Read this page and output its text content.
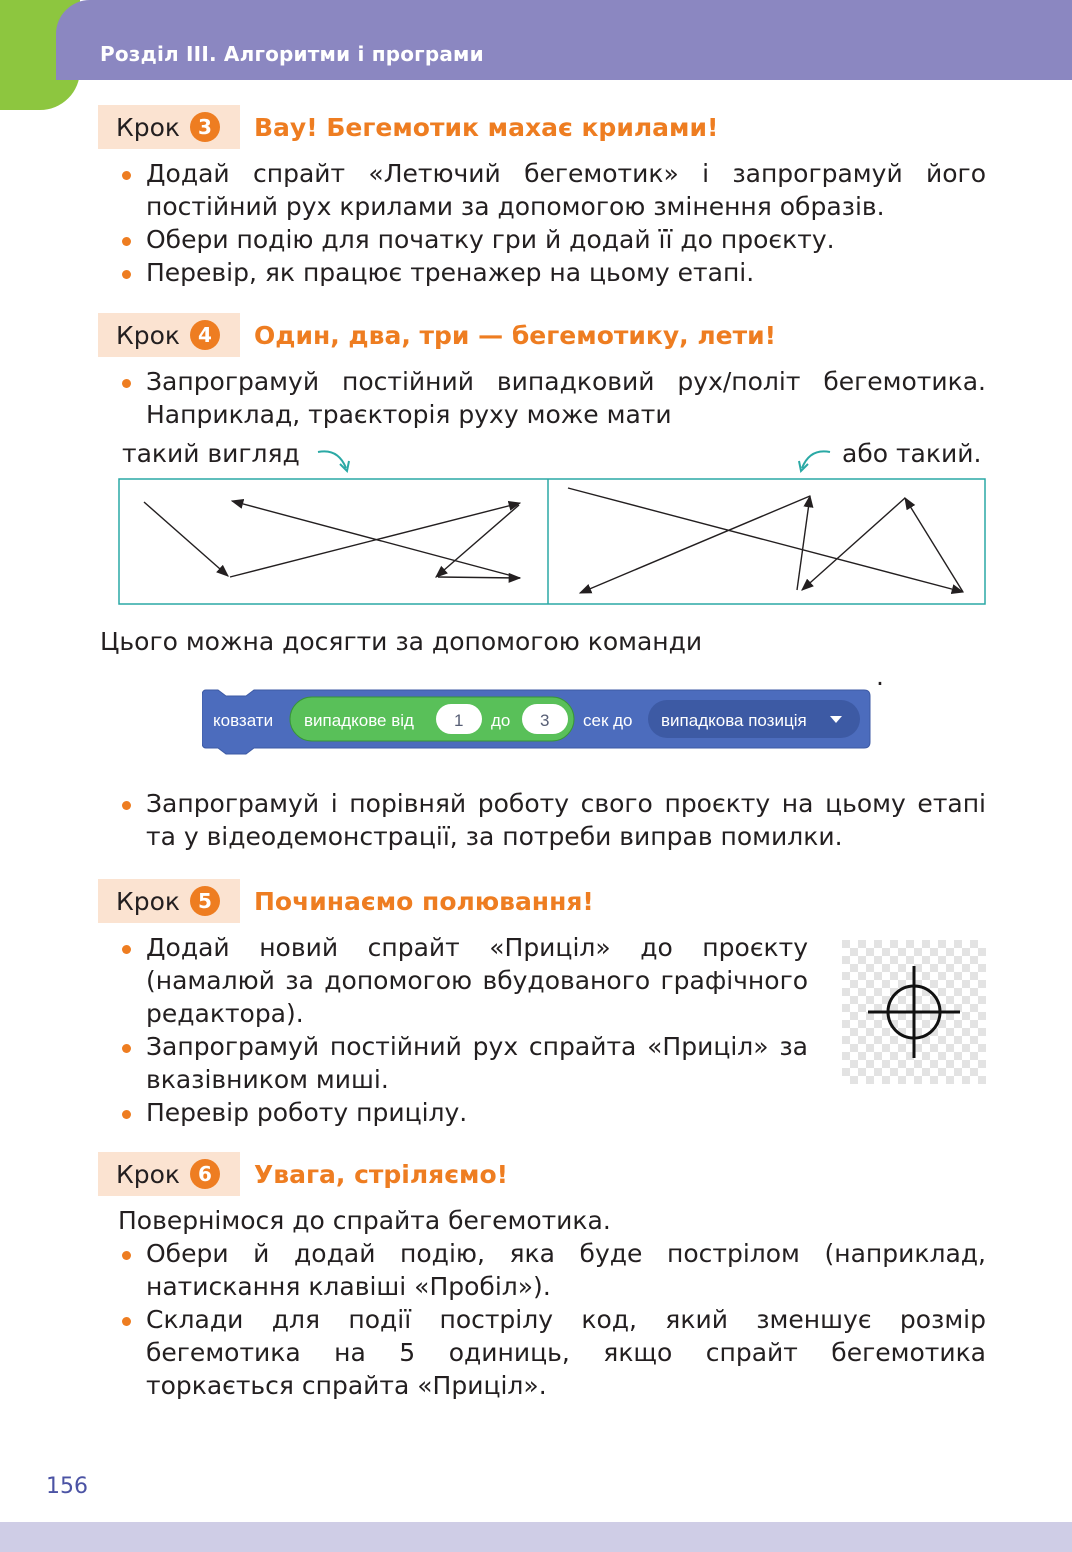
Розділ ІІІ. Алгоритми і програми
Крок 3	Вау! Бегемотик махає крилами!
Додай спрайт «Летючий бегемотик» і запрограмуй його постійний рух крилами за допомогою змінення образів.
Обери подію для початку гри й додай її до проєкту.
Перевір, як працює тренажер на цьому етапі.
Крок 4	Один, два, три — бегемотику, лети!
Запрограмуй постійний випадковий рух/політ бегемотика. Наприклад, траєкторія руху може мати
такий вигляд	або такий.
Цього можна досягти за допомогою команди
.
ковзати випадкове від 1 до 3 сек до випадкова позиція
Запрограмуй і порівняй роботу свого проєкту на цьому етапі та у відеодемонстрації, за потреби виправ помилки.
Крок 5	Починаємо полювання!
Додай новий спрайт «Приціл» до проєкту (намалюй за допомогою вбудованого графічного редактора).
Запрограмуй постійний рух спрайта «Приціл» за вказівником миші.
Перевір роботу прицілу.
Крок 6	Увага, стріляємо!
Повернімося до спрайта бегемотика.
Обери й додай подію, яка буде пострілом (наприклад, натискання клавіші «Пробіл»).
Склади для події пострілу код, який зменшує розмір бегемотика на 5 одиниць, якщо спрайт бегемотика торкається спрайта «Приціл».
156
